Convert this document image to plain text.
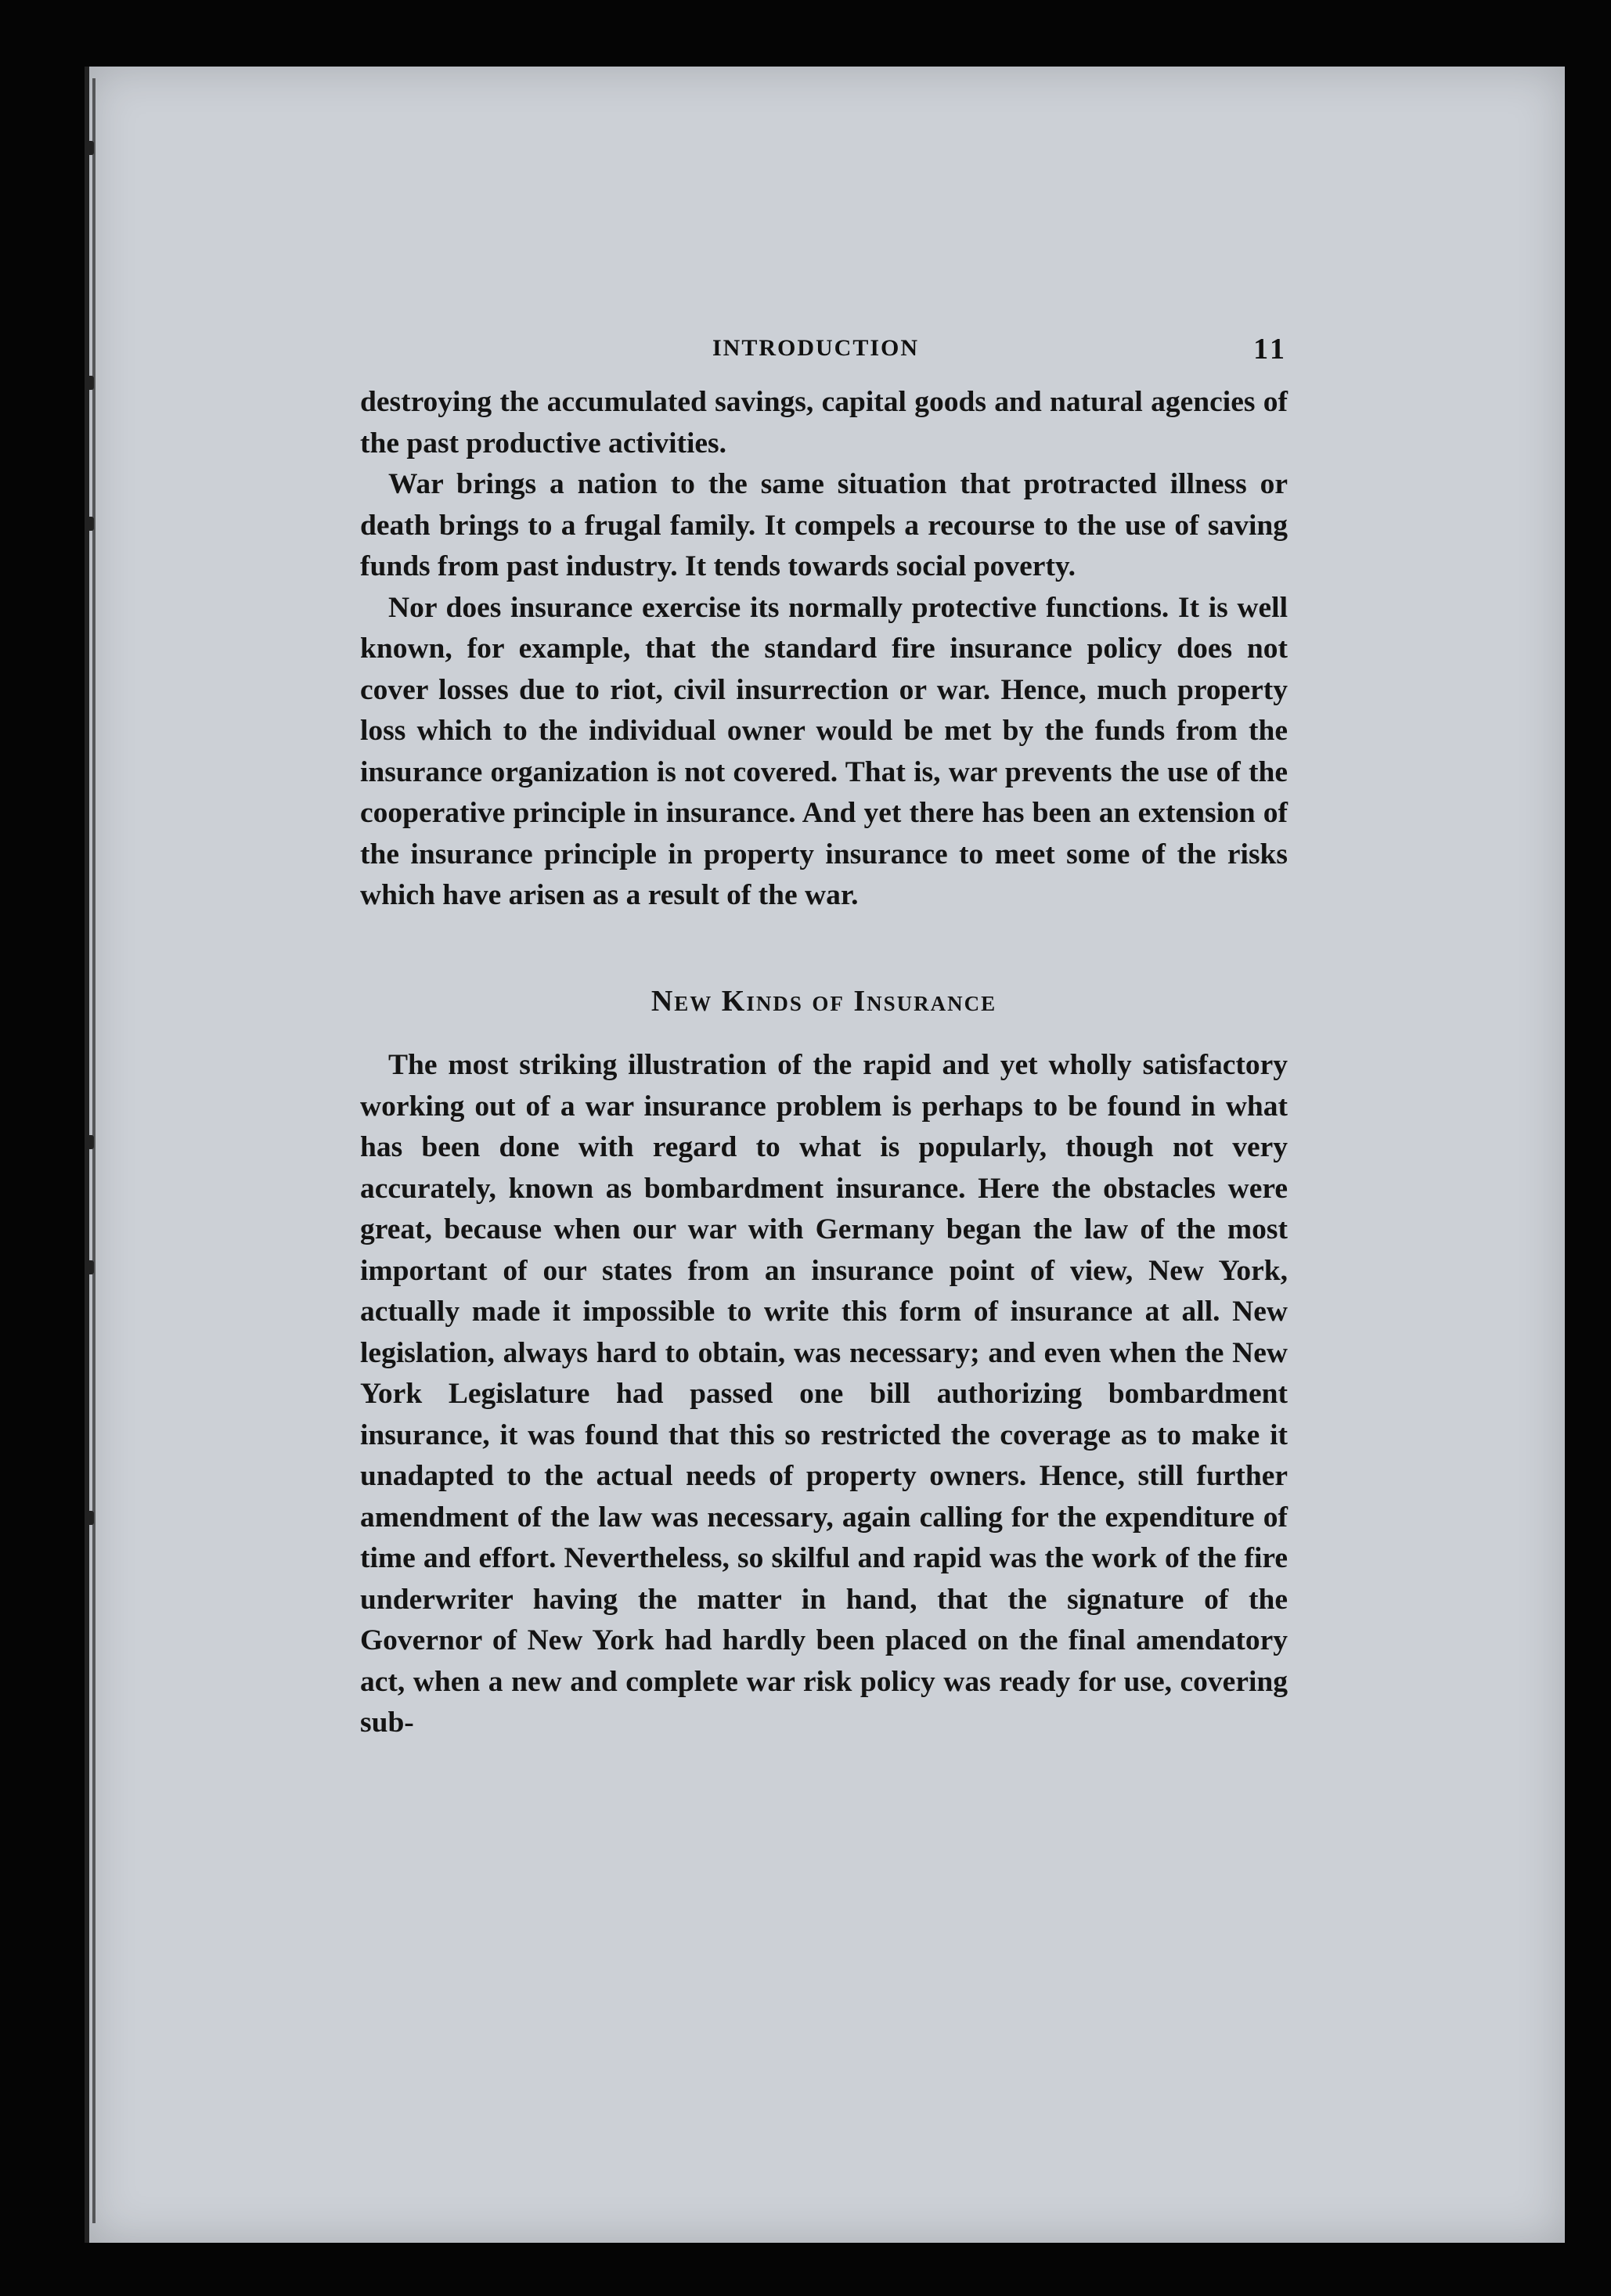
INTRODUCTION	11

destroying the accumulated savings, capital goods and natural agencies of the past productive activities.

War brings a nation to the same situation that protracted illness or death brings to a frugal family. It compels a recourse to the use of saving funds from past industry. It tends towards social poverty.

Nor does insurance exercise its normally protective functions. It is well known, for example, that the standard fire insurance policy does not cover losses due to riot, civil insurrection or war. Hence, much property loss which to the individual owner would be met by the funds from the insurance organization is not covered. That is, war prevents the use of the cooperative principle in insurance. And yet there has been an extension of the insurance principle in property insurance to meet some of the risks which have arisen as a result of the war.

New Kinds of Insurance

The most striking illustration of the rapid and yet wholly satisfactory working out of a war insurance problem is perhaps to be found in what has been done with regard to what is popularly, though not very accurately, known as bombardment insurance. Here the obstacles were great, because when our war with Germany began the law of the most important of our states from an insurance point of view, New York, actually made it impossible to write this form of insurance at all. New legislation, always hard to obtain, was necessary; and even when the New York Legislature had passed one bill authorizing bombardment insurance, it was found that this so restricted the coverage as to make it unadapted to the actual needs of property owners. Hence, still further amendment of the law was necessary, again calling for the expenditure of time and effort. Nevertheless, so skilful and rapid was the work of the fire underwriter having the matter in hand, that the signature of the Governor of New York had hardly been placed on the final amendatory act, when a new and complete war risk policy was ready for use, covering sub-
